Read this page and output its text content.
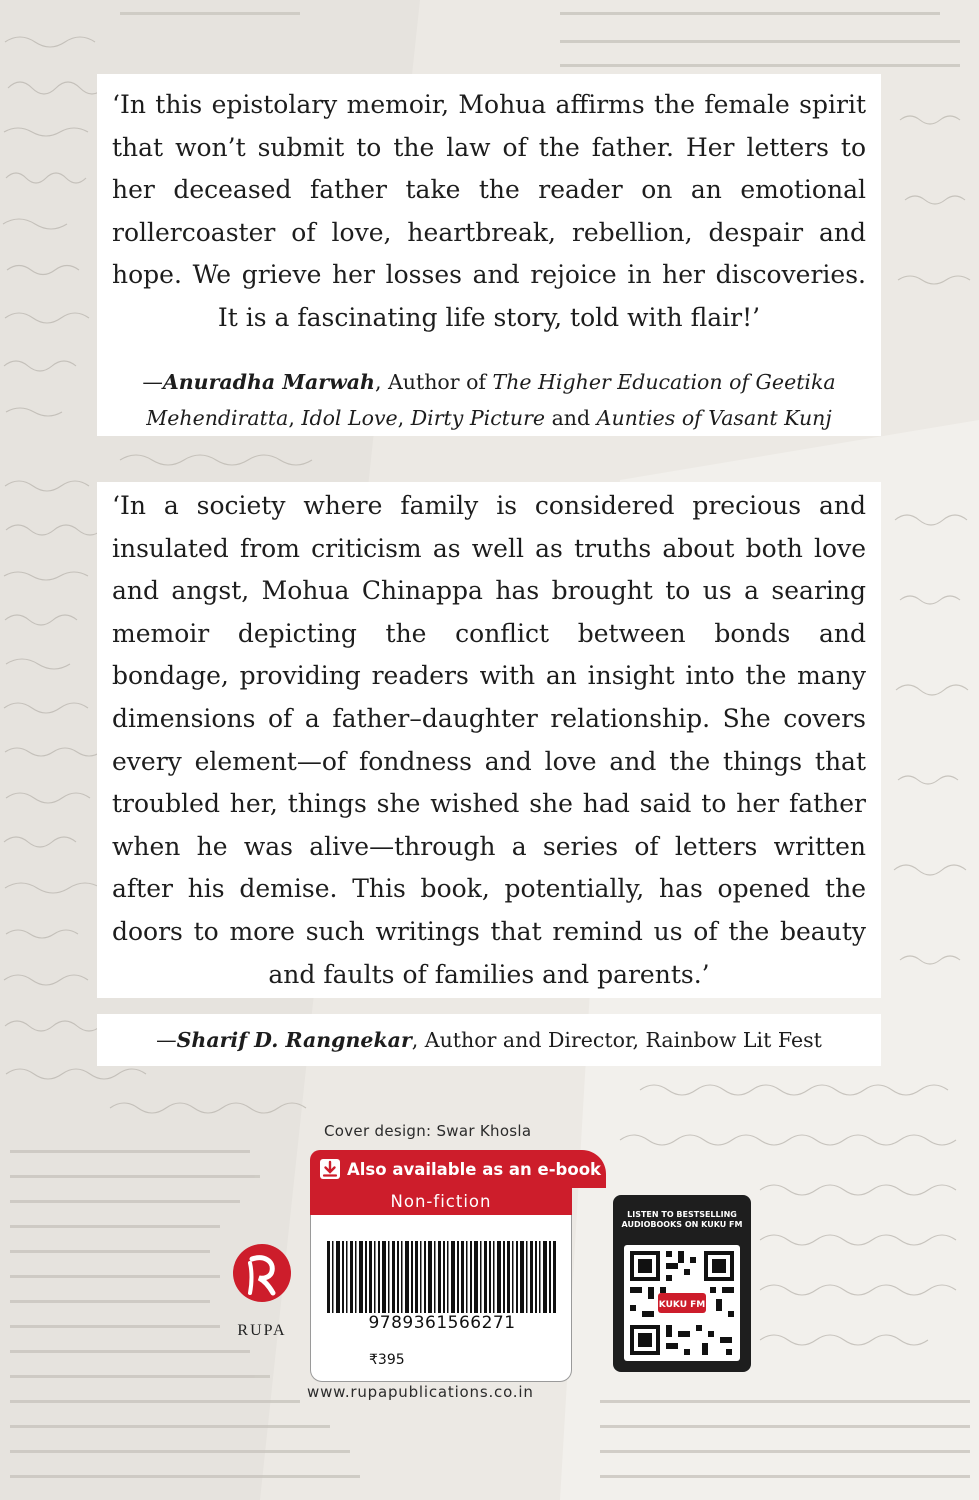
‘In this epistolary memoir, Mohua affirms the female spirit that won’t submit to the law of the father. Her letters to her deceased father take the reader on an emotional rollercoaster of love, heartbreak, rebellion, despair and hope. We grieve her losses and rejoice in her discoveries. It is a fascinating life story, told with flair!’

—Anuradha Marwah, Author of The Higher Education of Geetika Mehendiratta, Idol Love, Dirty Picture and Aunties of Vasant Kunj

‘In a society where family is considered precious and insulated from criticism as well as truths about both love and angst, Mohua Chinappa has brought to us a searing memoir depicting the conflict between bonds and bondage, providing readers with an insight into the many dimensions of a father–daughter relationship. She covers every element—of fondness and love and the things that troubled her, things she wished she had said to her father when he was alive—through a series of letters written after his demise. This book, potentially, has opened the doors to more such writings that remind us of the beauty and faults of families and parents.’

—Sharif D. Rangnekar, Author and Director, Rainbow Lit Fest

Cover design: Swar Khosla
Also available as an e-book
Non-fiction
9789361566271
₹395
www.rupapublications.co.in
RUPA
LISTEN TO BESTSELLING AUDIOBOOKS ON KUKU FM
KUKU FM
